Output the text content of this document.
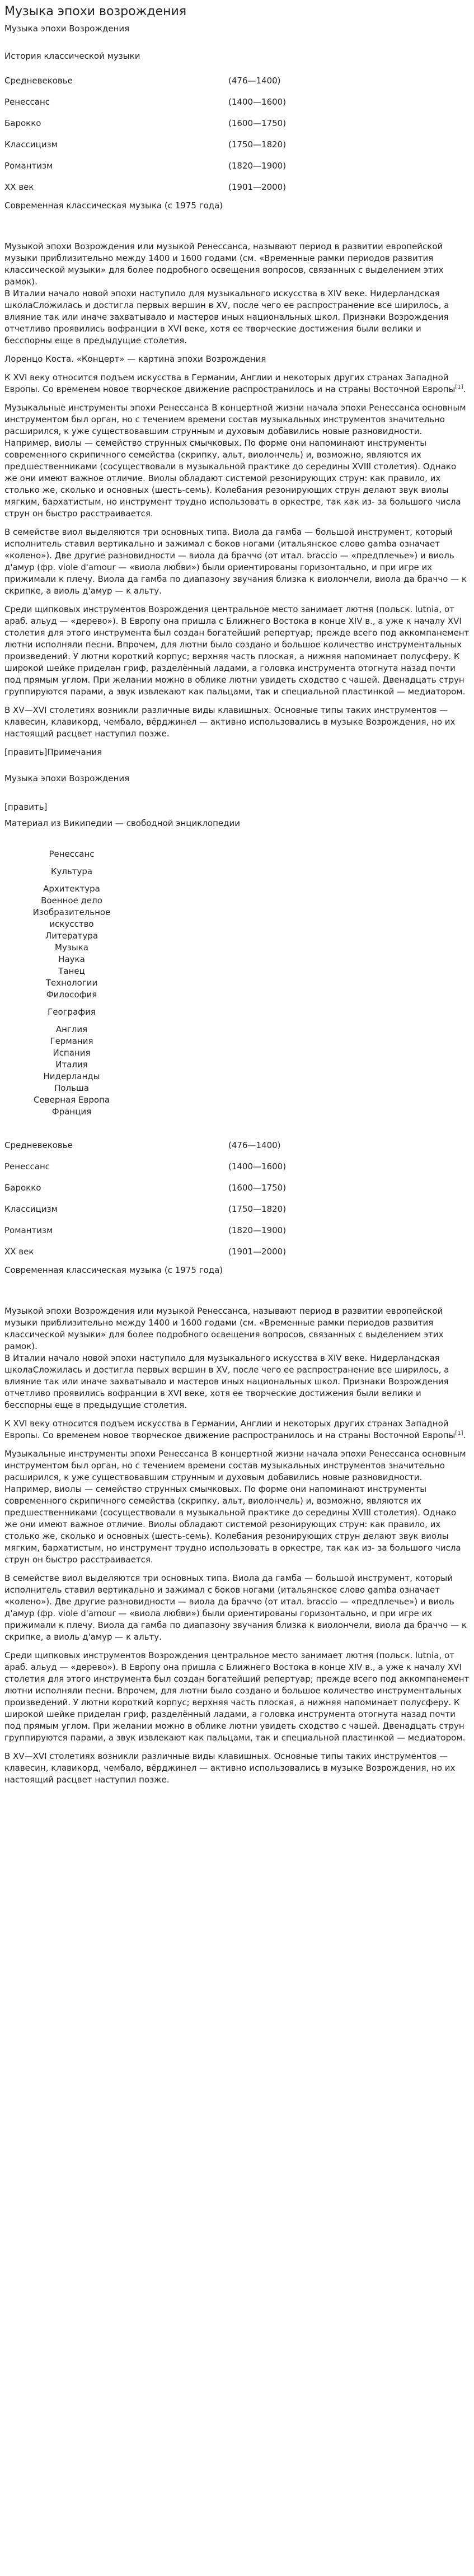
Музыка эпохи возрождения
Музыка эпохи Возрождения
История классической музыки
Средневековье	(476—1400)
Ренессанс	(1400—1600)
Барокко	(1600—1750)
Классицизм	(1750—1820)
Романтизм	(1820—1900)
XX век	(1901—2000)
Современная классическая музыка (с 1975 года)

Музыкой эпохи Возрождения или музыкой Ренессанса, называют период в развитии европейской музыки приблизительно между 1400 и 1600 годами (см. «Временные рамки периодов развития классической музыки» для более подробного освещения вопросов, связанных с выделением этих рамок).

В Италии начало новой эпохи наступило для музыкального искусства в XIV веке. Нидерландская школаСложилась и достигла первых вершин в XV, после чего ее распространение все ширилось, а влияние так или иначе захватывало и мастеров иных национальных школ. Признаки Возрождения отчетливо проявились вофранции в XVI веке, хотя ее творческие достижения были велики и бесспорны еще в предыдущие столетия.

Лоренцо Коста. «Концерт» — картина эпохи Возрождения

К XVI веку относится подъем искусства в Германии, Англии и некоторых других странах Западной Европы. Со временем новое творческое движение распространилось и на страны Восточной Европы[1].

Музыкальные инструменты эпохи Ренессанса В концертной жизни начала эпохи Ренессанса основным инструментом был орган, но с течением времени состав музыкальных инструментов значительно расширился, к уже существовавшим струнным и духовым добавились новые разновидности. Например, виолы — семейство струнных смычковых. По форме они напоминают инструменты современного скрипичного семейства (скрипку, альт, виолончель) и, возможно, являются их предшественниками (сосуществовали в музыкальной практике до середины XVIII столетия). Однако же они имеют важное отличие. Виолы обладают системой резонирующих струн: как правило, их столько же, сколько и основных (шесть-семь). Колебания резонирующих струн делают звук виолы мягким, бархатистым, но инструмент трудно использовать в оркестре, так как из- за большого числа струн он быстро расстраивается.

В семействе виол выделяются три основных типа. Виола да гамба — большой инструмент, который исполнитель ставил вертикально и зажимал с боков ногами (итальянское слово gamba означает «колено»). Две другие разновидности — виола да браччо (от итал. braccio — «предплечье») и виоль д'амур (фр. viole d'amour — «виола любви») были ориентированы горизонтально, и при игре их прижимали к плечу. Виола да гамба по диапазону звучания близка к виолончели, виола да браччо — к скрипке, а виоль д'амур — к альту.

Среди щипковых инструментов Возрождения центральное место занимает лютня (польск. lutnia, от араб. альуд — «дерево»). В Европу она пришла с Ближнего Востока в конце XIV в., а уже к началу XVI столетия для этого инструмента был создан богатейший репертуар; прежде всего под аккомпанемент лютни исполняли песни. Впрочем, для лютни было создано и большое количество инструментальных произведений. У лютни короткий корпус; верхняя часть плоская, а нижняя напоминает полусферу. К широкой шейке приделан гриф, разделённый ладами, а головка инструмента отогнута назад почти под прямым углом. При желании можно в облике лютни увидеть сходство с чашей. Двенадцать струн группируются парами, а звук извлекают как пальцами, так и специальной пластинкой — медиатором.

В XV—XVI столетиях возникли различные виды клавишных. Основные типы таких инструментов — клавесин, клавикорд, чембало, вёрджинел — активно использовались в музыке Возрождения, но их настоящий расцвет наступил позже.

[править]Примечания
Музыка эпохи Возрождения
[править]
Материал из Википедии — свободной энциклопедии
Ренессанс
Культура
Архитектура
Военное дело
Изобразительное
искусство
Литература
Музыка
Наука
Танец
Технологии
Философия
География
Англия
Германия
Испания
Италия
Нидерланды
Польша
Северная Европа
Франция
Средневековье	(476—1400)
Ренессанс	(1400—1600)
Барокко	(1600—1750)
Классицизм	(1750—1820)
Романтизм	(1820—1900)
XX век	(1901—2000)
Современная классическая музыка (с 1975 года)

Музыкой эпохи Возрождения или музыкой Ренессанса, называют период в развитии европейской музыки приблизительно между 1400 и 1600 годами (см. «Временные рамки периодов развития классической музыки» для более подробного освещения вопросов, связанных с выделением этих рамок).

В Италии начало новой эпохи наступило для музыкального искусства в XIV веке. Нидерландская школаСложилась и достигла первых вершин в XV, после чего ее распространение все ширилось, а влияние так или иначе захватывало и мастеров иных национальных школ. Признаки Возрождения отчетливо проявились вофранции в XVI веке, хотя ее творческие достижения были велики и бесспорны еще в предыдущие столетия.

К XVI веку относится подъем искусства в Германии, Англии и некоторых других странах Западной Европы. Со временем новое творческое движение распространилось и на страны Восточной Европы[1].

Музыкальные инструменты эпохи Ренессанса В концертной жизни начала эпохи Ренессанса основным инструментом был орган, но с течением времени состав музыкальных инструментов значительно расширился, к уже существовавшим струнным и духовым добавились новые разновидности. Например, виолы — семейство струнных смычковых. По форме они напоминают инструменты современного скрипичного семейства (скрипку, альт, виолончель) и, возможно, являются их предшественниками (сосуществовали в музыкальной практике до середины XVIII столетия). Однако же они имеют важное отличие. Виолы обладают системой резонирующих струн: как правило, их столько же, сколько и основных (шесть-семь). Колебания резонирующих струн делают звук виолы мягким, бархатистым, но инструмент трудно использовать в оркестре, так как из- за большого числа струн он быстро расстраивается.

В семействе виол выделяются три основных типа. Виола да гамба — большой инструмент, который исполнитель ставил вертикально и зажимал с боков ногами (итальянское слово gamba означает «колено»). Две другие разновидности — виола да браччо (от итал. braccio — «предплечье») и виоль д'амур (фр. viole d'amour — «виола любви») были ориентированы горизонтально, и при игре их прижимали к плечу. Виола да гамба по диапазону звучания близка к виолончели, виола да браччо — к скрипке, а виоль д'амур — к альту.

Среди щипковых инструментов Возрождения центральное место занимает лютня (польск. lutnia, от араб. альуд — «дерево»). В Европу она пришла с Ближнего Востока в конце XIV в., а уже к началу XVI столетия для этого инструмента был создан богатейший репертуар; прежде всего под аккомпанемент лютни исполняли песни. Впрочем, для лютни было создано и большое количество инструментальных произведений. У лютни короткий корпус; верхняя часть плоская, а нижняя напоминает полусферу. К широкой шейке приделан гриф, разделённый ладами, а головка инструмента отогнута назад почти под прямым углом. При желании можно в облике лютни увидеть сходство с чашей. Двенадцать струн группируются парами, а звук извлекают как пальцами, так и специальной пластинкой — медиатором.

В XV—XVI столетиях возникли различные виды клавишных. Основные типы таких инструментов — клавесин, клавикорд, чембало, вёрджинел — активно использовались в музыке Возрождения, но их настоящий расцвет наступил позже.
